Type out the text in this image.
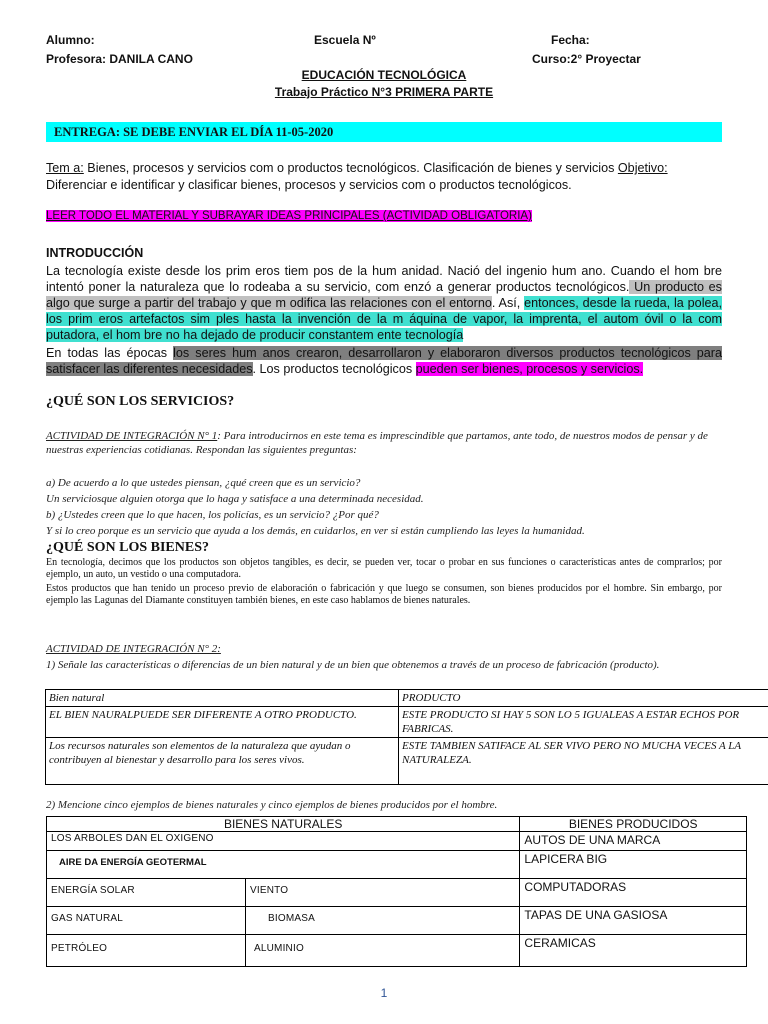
Alumno:	Escuela Nº	Fecha:
Profesora: DANILA CANO	Curso:2° Proyectar
EDUCACIÓN TECNOLÓGICA
Trabajo Práctico N°3 PRIMERA PARTE
ENTREGA: SE DEBE ENVIAR EL DÍA 11-05-2020
Tem a: Bienes, procesos y servicios com o productos tecnológicos. Clasificación de bienes y servicios Objetivo:
Diferenciar e identificar y clasificar bienes, procesos y servicios com o productos tecnológicos.
LEER TODO EL MATERIAL Y SUBRAYAR IDEAS PRINCIPALES (ACTIVIDAD OBLIGATORIA)
INTRODUCCIÓN
La tecnología existe desde los prim eros tiem pos de la hum anidad. Nació del ingenio hum ano. Cuando el hom bre intentó poner la naturaleza que lo rodeaba a su servicio, com enzó a generar productos tecnológicos. Un producto es algo que surge a partir del trabajo y que m odifica las relaciones con el entorno. Así, entonces, desde la rueda, la polea, los prim eros artefactos sim ples hasta la invención de la m áquina de vapor, la imprenta, el autom óvil o la com putadora, el hom bre no ha dejado de producir constantem ente tecnología
En todas las épocas los seres hum anos crearon, desarrollaron y elaboraron diversos productos tecnológicos para satisfacer las diferentes necesidades. Los productos tecnológicos pueden ser bienes, procesos y servicios.
¿QUÉ SON LOS SERVICIOS?
ACTIVIDAD DE INTEGRACIÓN N° 1: Para introducirnos en este tema es imprescindible que partamos, ante todo, de nuestros modos de pensar y de nuestras experiencias cotidianas. Respondan las siguientes preguntas:
a) De acuerdo a lo que ustedes piensan, ¿qué creen que es un servicio?
Un serviciosque alguien otorga que lo haga y satisface a una determinada necesidad.
b) ¿Ustedes creen que lo que hacen, los policías, es un servicio? ¿Por qué?
Y si lo creo porque es un servicio que ayuda a los demás, en cuidarlos, en ver si están cumpliendo las leyes la humanidad.
¿QUÉ SON LOS BIENES?
En tecnología, decimos que los productos son objetos tangibles, es decir, se pueden ver, tocar o probar en sus funciones o características antes de comprarlos; por ejemplo, un auto, un vestido o una computadora.
Estos productos que han tenido un proceso previo de elaboración o fabricación y que luego se consumen, son bienes producidos por el hombre. Sin embargo, por ejemplo las Lagunas del Diamante constituyen también bienes, en este caso hablamos de bienes naturales.
ACTIVIDAD DE INTEGRACIÓN N° 2:
1) Señale las características o diferencias de un bien natural y de un bien que obtenemos a través de un proceso de fabricación (producto).
Bien natural	PRODUCTO
EL BIEN NAURALPUEDE SER DIFERENTE A OTRO PRODUCTO.	ESTE PRODUCTO SI HAY 5 SON LO 5 IGUALEAS A ESTAR ECHOS POR FABRICAS.
Los recursos naturales son elementos de la naturaleza que ayudan o contribuyen al bienestar y desarrollo para los seres vivos.	ESTE TAMBIEN SATIFACE AL SER VIVO PERO NO MUCHA VECES A LA NATURALEZA.
2) Mencione cinco ejemplos de bienes naturales y cinco ejemplos de bienes producidos por el hombre.
BIENES NATURALES		BIENES PRODUCIDOS
LOS ARBOLES DAN EL OXIGENO		AUTOS DE UNA MARCA
AIRE DA ENERGÍA GEOTERMAL		LAPICERA BIG
ENERGÍA SOLAR	VIENTO	COMPUTADORAS
GAS NATURAL	BIOMASA	TAPAS DE UNA GASIOSA
PETRÓLEO	ALUMINIO	CERAMICAS
1
